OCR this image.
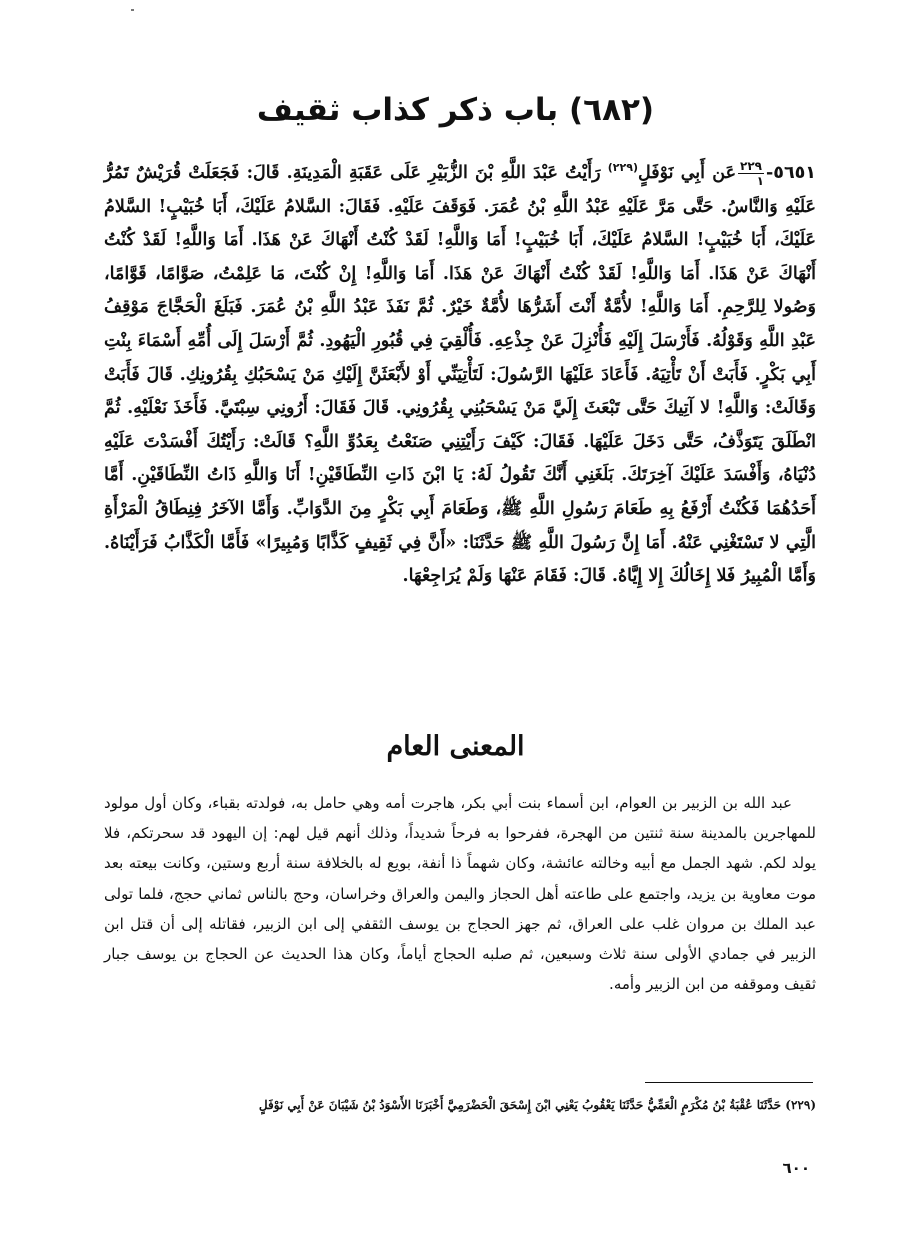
(٦٨٢) باب ذكر كذاب ثقيف

٥٦٥١-
٢٢٩
١
عَن أَبِي نَوْفَلٍ$^{(٢٢٩)}$ رَأَيْتُ عَبْدَ اللَّهِ بْنَ الزُّبَيْرِ عَلَى عَقَبَةِ الْمَدِينَةِ. قَالَ: فَجَعَلَتْ قُرَيْشٌ تَمُرُّ عَلَيْهِ وَالنَّاسُ. حَتَّى مَرَّ عَلَيْهِ عَبْدُ اللَّهِ بْنُ عُمَرَ. فَوَقَفَ عَلَيْهِ. فَقَالَ: السَّلامُ عَلَيْكَ، أَبَا خُبَيْبٍ! السَّلامُ عَلَيْكَ، أَبَا خُبَيْبٍ! السَّلامُ عَلَيْكَ، أَبَا خُبَيْبٍ! أَمَا وَاللَّهِ! لَقَدْ كُنْتُ أَنْهَاكَ عَنْ هَذَا. أَمَا وَاللَّهِ! لَقَدْ كُنْتُ أَنْهَاكَ عَنْ هَذَا. أَمَا وَاللَّهِ! لَقَدْ كُنْتُ أَنْهَاكَ عَنْ هَذَا. أَمَا وَاللَّهِ! إِنْ كُنْتَ، مَا عَلِمْتُ، صَوَّامًا، قَوَّامًا، وَصُولا لِلرَّحِمِ. أَمَا وَاللَّهِ! لأُمَّةٌ أَنْتَ أَشَرُّهَا لأُمَّةٌ خَيْرٌ. ثُمَّ نَفَذَ عَبْدُ اللَّهِ بْنُ عُمَرَ. فَبَلَغَ الْحَجَّاجَ مَوْقِفُ عَبْدِ اللَّهِ وَقَوْلُهُ. فَأَرْسَلَ إِلَيْهِ فَأُنْزِلَ عَنْ جِذْعِهِ. فَأُلْقِيَ فِي قُبُورِ الْيَهُودِ. ثُمَّ أَرْسَلَ إِلَى أُمِّهِ أَسْمَاءَ بِنْتِ أَبِي بَكْرٍ. فَأَبَتْ أَنْ تَأْتِيَهُ. فَأَعَادَ عَلَيْهَا الرَّسُولَ: لَتَأْتِيَنِّي أَوْ لأَبْعَثَنَّ إِلَيْكِ مَنْ يَسْحَبُكِ بِقُرُونِكِ. قَالَ فَأَبَتْ وَقَالَتْ: وَاللَّهِ! لا آتِيكَ حَتَّى تَبْعَثَ إِلَيَّ مَنْ يَسْحَبُنِي بِقُرُونِي. قَالَ فَقَالَ: أَرُونِي سِبْتَيَّ. فَأَخَذَ نَعْلَيْهِ. ثُمَّ انْطَلَقَ يَتَوَذَّفُ، حَتَّى دَخَلَ عَلَيْهَا. فَقَالَ: كَيْفَ رَأَيْتِنِي صَنَعْتُ بِعَدُوِّ اللَّهِ؟ قَالَتْ: رَأَيْتُكَ أَفْسَدْتَ عَلَيْهِ دُنْيَاهُ، وَأَفْسَدَ عَلَيْكَ آخِرَتَكَ. بَلَغَنِي أَنَّكَ تَقُولُ لَهُ: يَا ابْنَ ذَاتِ النِّطَاقَيْنِ! أَنَا وَاللَّهِ ذَاتُ النِّطَاقَيْنِ. أَمَّا أَحَدُهُمَا فَكُنْتُ أَرْفَعُ بِهِ طَعَامَ رَسُولِ اللَّهِ ﷺ، وَطَعَامَ أَبِي بَكْرٍ مِنَ الدَّوَابِّ. وَأَمَّا الآخَرُ فِنِطَاقُ الْمَرْأَةِ الَّتِي لا تَسْتَغْنِي عَنْهُ. أَمَا إِنَّ رَسُولَ اللَّهِ ﷺ حَدَّثَنَا: «أَنَّ فِي ثَقِيفٍ كَذَّابًا وَمُبِيرًا» فَأَمَّا الْكَذَّابُ فَرَأَيْنَاهُ. وَأَمَّا الْمُبِيرُ فَلا إِخَالُكَ إِلا إِيَّاهُ. قَالَ: فَقَامَ عَنْهَا وَلَمْ يُرَاجِعْهَا.

المعنى العام

عبد الله بن الزبير بن العوام، ابن أسماء بنت أبي بكر، هاجرت أمه وهي حامل به، فولدته بقباء، وكان أول مولود للمهاجرين بالمدينة سنة ثنتين من الهجرة، ففرحوا به فرحاً شديداً، وذلك أنهم قيل لهم: إن اليهود قد سحرتكم، فلا يولد لكم. شهد الجمل مع أبيه وخالته عائشة، وكان شهماً ذا أنفة، بويع له بالخلافة سنة أربع وستين، وكانت بيعته بعد موت معاوية بن يزيد، واجتمع على طاعته أهل الحجاز واليمن والعراق وخراسان، وحج بالناس ثماني حجج، فلما تولى عبد الملك بن مروان غلب على العراق، ثم جهز الحجاج بن يوسف الثقفي إلى ابن الزبير، فقاتله إلى أن قتل ابن الزبير في جمادي الأولى سنة ثلاث وسبعين، ثم صلبه الحجاج أياماً، وكان هذا الحديث عن الحجاج بن يوسف جبار ثقيف وموقفه من ابن الزبير وأمه.

(٢٢٩) حَدَّثَنَا عُقْبَةُ بْنُ مُكْرَمٍ الْعَمِّيُّ حَدَّثَنَا يَعْقُوبُ يَعْنِي ابْنَ إِسْحَقَ الْحَضْرَمِيَّ أَخْبَرَنَا الأَسْوَدُ بْنُ شَيْبَانَ عَنْ أَبِي نَوْفَلٍ

٦٠٠
